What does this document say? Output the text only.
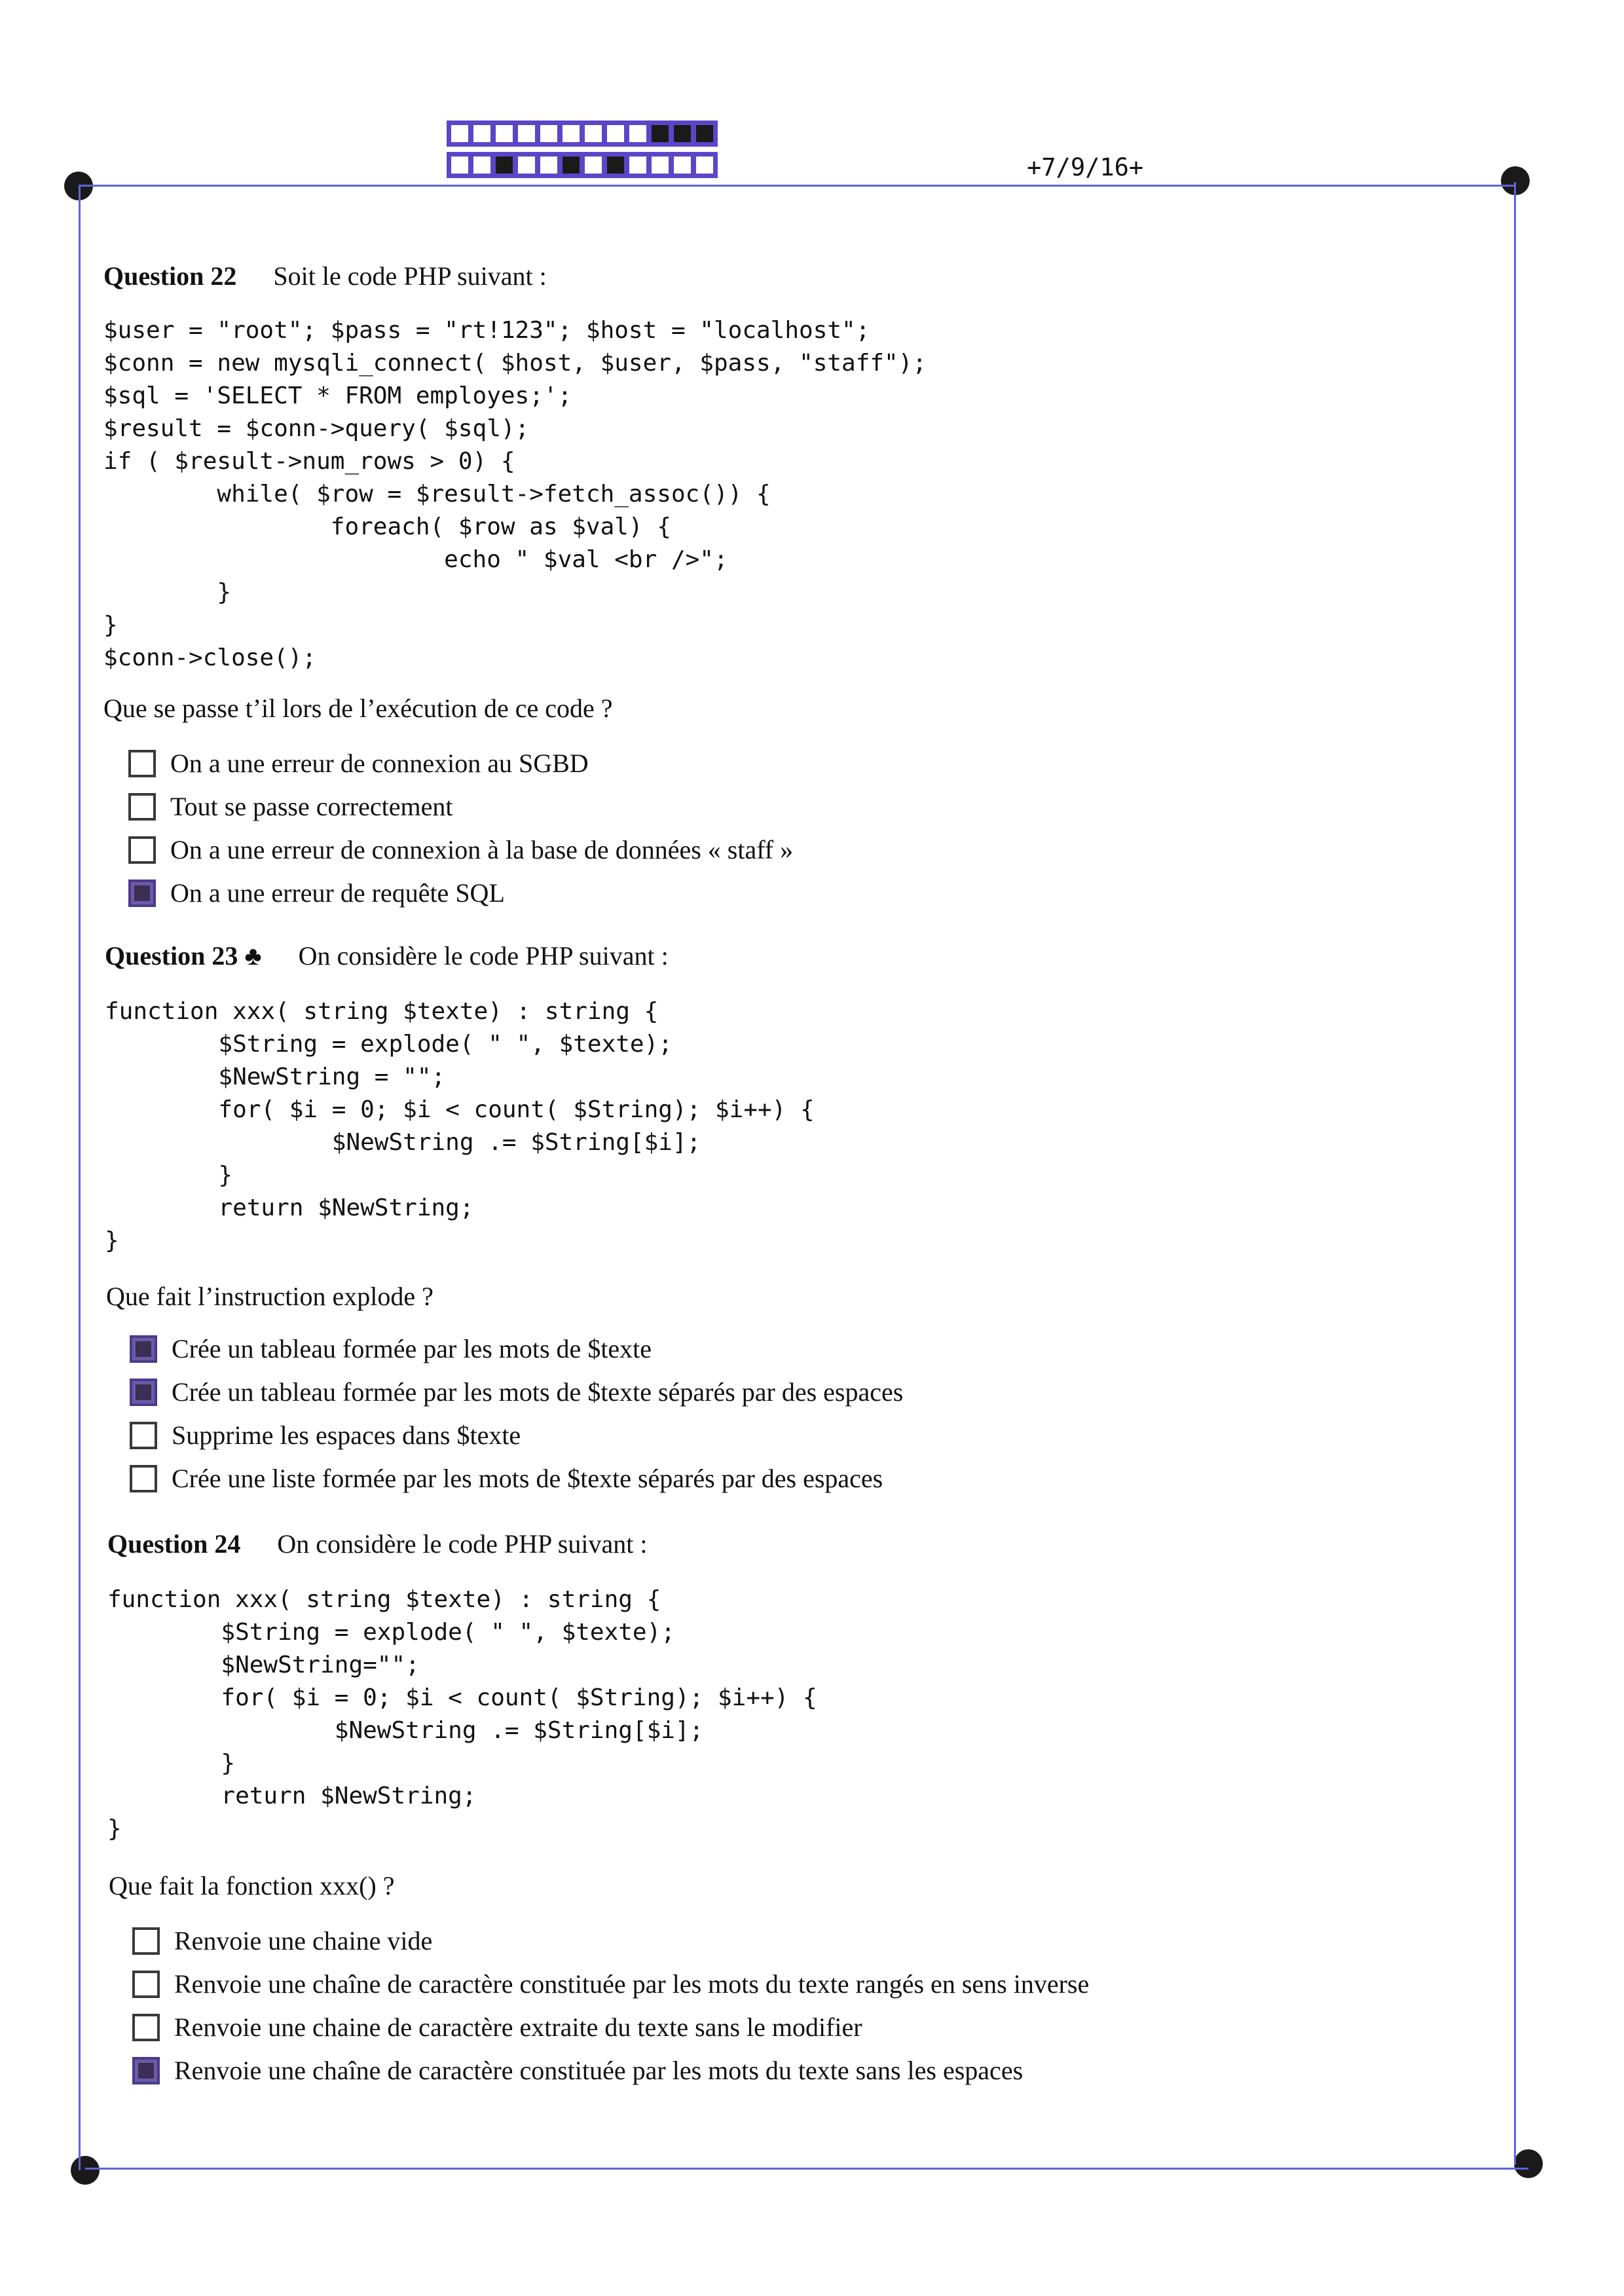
+7/9/16+
Question 22 Soit le code PHP suivant :
$user = "root"; $pass = "rt!123"; $host = "localhost";
$conn = new mysqli_connect( $host, $user, $pass, "staff");
$sql = 'SELECT * FROM employes;';
$result = $conn->query( $sql);
if ( $result->num_rows > 0) {
while( $row = $result->fetch_assoc()) {
foreach( $row as $val) {
echo " $val <br />";
}
}
$conn->close();
Que se passe t’il lors de l’exécution de ce code ?
On a une erreur de connexion au SGBD
Tout se passe correctement
On a une erreur de connexion à la base de données « staff »
On a une erreur de requête SQL
Question 23 ♣ On considère le code PHP suivant :
function xxx( string $texte) : string {
$String = explode( " ", $texte);
$NewString = "";
for( $i = 0; $i < count( $String); $i++) {
$NewString .= $String[$i];
}
return $NewString;
}
Que fait l’instruction explode ?
Crée un tableau formée par les mots de $texte
Crée un tableau formée par les mots de $texte séparés par des espaces
Supprime les espaces dans $texte
Crée une liste formée par les mots de $texte séparés par des espaces
Question 24 On considère le code PHP suivant :
function xxx( string $texte) : string {
$String = explode( " ", $texte);
$NewString="";
for( $i = 0; $i < count( $String); $i++) {
$NewString .= $String[$i];
}
return $NewString;
}
Que fait la fonction xxx() ?
Renvoie une chaine vide
Renvoie une chaîne de caractère constituée par les mots du texte rangés en sens inverse
Renvoie une chaine de caractère extraite du texte sans le modifier
Renvoie une chaîne de caractère constituée par les mots du texte sans les espaces
